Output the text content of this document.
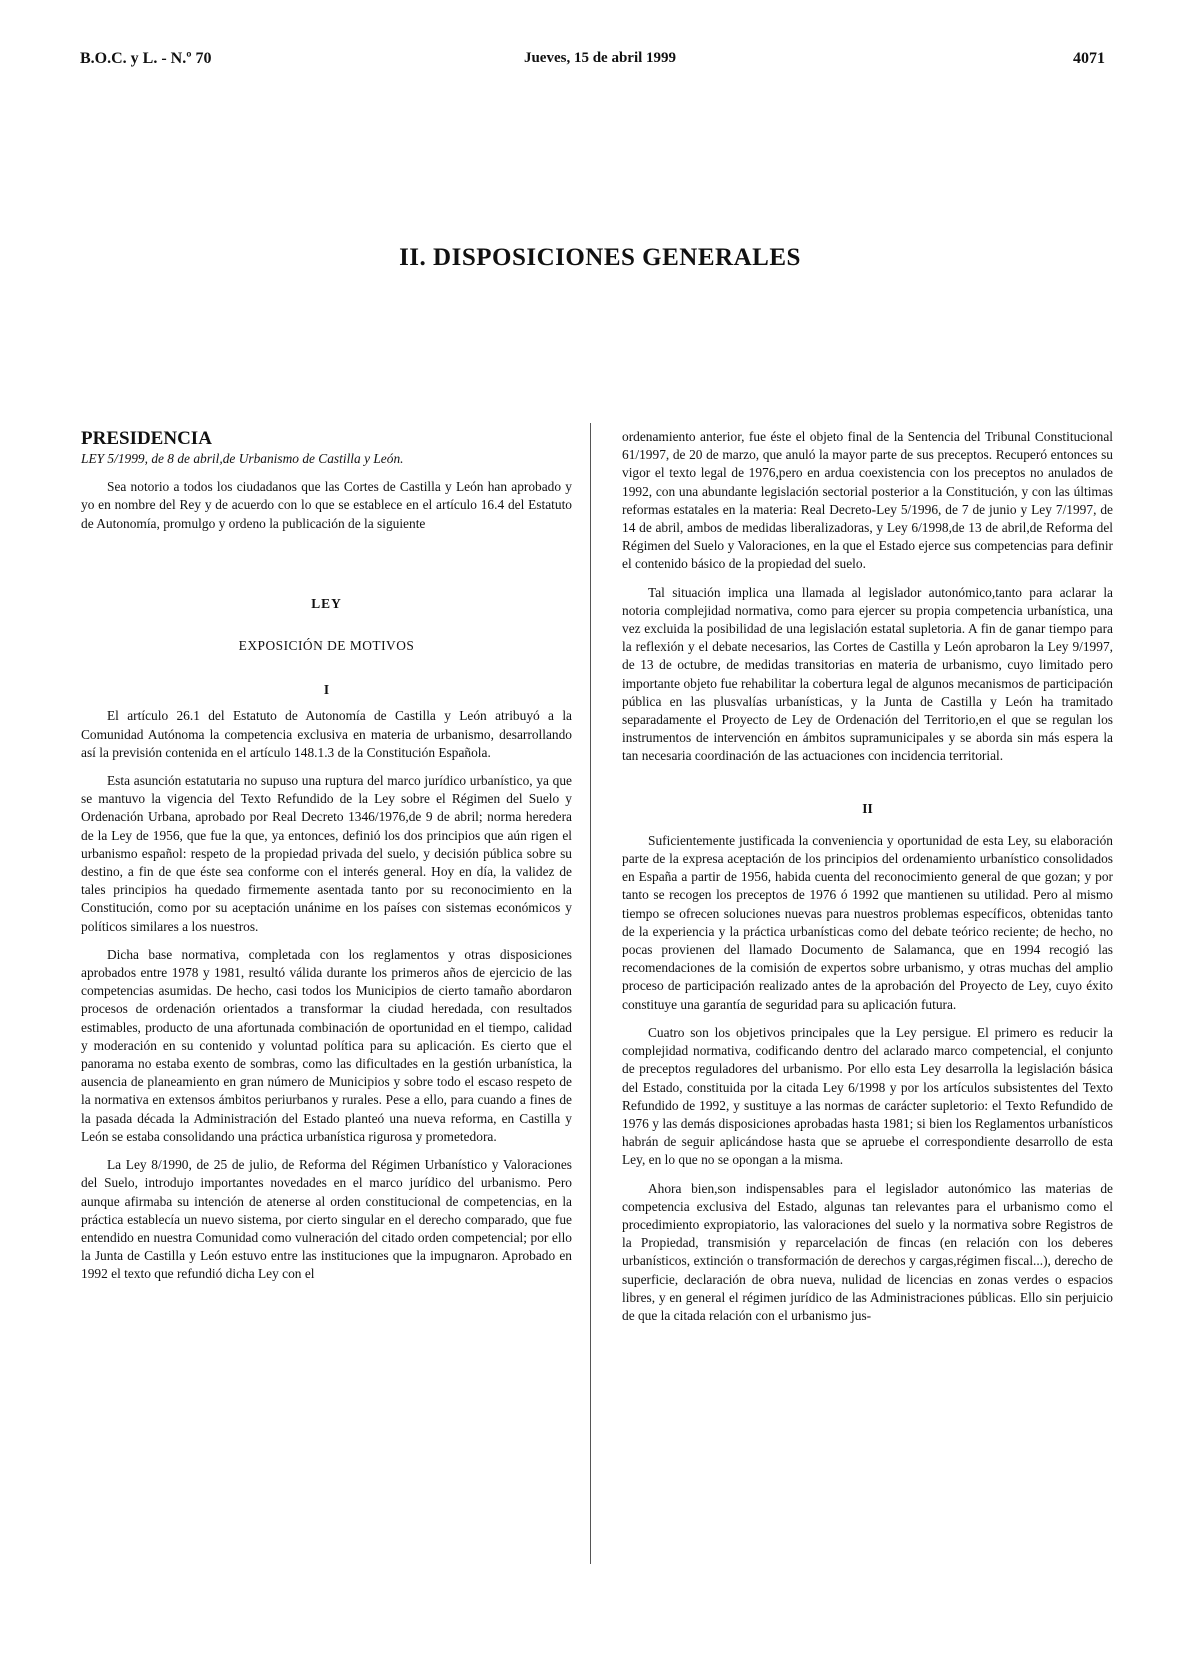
B.O.C. y L. - N.º 70	Jueves, 15 de abril 1999	4071
II. DISPOSICIONES GENERALES
PRESIDENCIA

LEY 5/1999, de 8 de abril,de Urbanismo de Castilla y León.

Sea notorio a todos los ciudadanos que las Cortes de Castilla y León han aprobado y yo en nombre del Rey y de acuerdo con lo que se establece en el artículo 16.4 del Estatuto de Autonomía, promulgo y ordeno la publicación de la siguiente

LEY

EXPOSICIÓN DE MOTIVOS

I

El artículo 26.1 del Estatuto de Autonomía de Castilla y León atribuyó a la Comunidad Autónoma la competencia exclusiva en materia de urbanismo, desarrollando así la previsión contenida en el artículo 148.1.3 de la Constitución Española.

Esta asunción estatutaria no supuso una ruptura del marco jurídico urbanístico, ya que se mantuvo la vigencia del Texto Refundido de la Ley sobre el Régimen del Suelo y Ordenación Urbana, aprobado por Real Decreto 1346/1976,de 9 de abril; norma heredera de la Ley de 1956, que fue la que, ya entonces, definió los dos principios que aún rigen el urbanismo español: respeto de la propiedad privada del suelo, y decisión pública sobre su destino, a fin de que éste sea conforme con el interés general. Hoy en día, la validez de tales principios ha quedado firmemente asentada tanto por su reconocimiento en la Constitución, como por su aceptación unánime en los países con sistemas económicos y políticos similares a los nuestros.

Dicha base normativa, completada con los reglamentos y otras disposiciones aprobados entre 1978 y 1981, resultó válida durante los primeros años de ejercicio de las competencias asumidas. De hecho, casi todos los Municipios de cierto tamaño abordaron procesos de ordenación orientados a transformar la ciudad heredada, con resultados estimables, producto de una afortunada combinación de oportunidad en el tiempo, calidad y moderación en su contenido y voluntad política para su aplicación. Es cierto que el panorama no estaba exento de sombras, como las dificultades en la gestión urbanística, la ausencia de planeamiento en gran número de Municipios y sobre todo el escaso respeto de la normativa en extensos ámbitos periurbanos y rurales. Pese a ello, para cuando a fines de la pasada década la Administración del Estado planteó una nueva reforma, en Castilla y León se estaba consolidando una práctica urbanística rigurosa y prometedora.

La Ley 8/1990, de 25 de julio, de Reforma del Régimen Urbanístico y Valoraciones del Suelo, introdujo importantes novedades en el marco jurídico del urbanismo. Pero aunque afirmaba su intención de atenerse al orden constitucional de competencias, en la práctica establecía un nuevo sistema, por cierto singular en el derecho comparado, que fue entendido en nuestra Comunidad como vulneración del citado orden competencial; por ello la Junta de Castilla y León estuvo entre las instituciones que la impugnaron. Aprobado en 1992 el texto que refundió dicha Ley con el

ordenamiento anterior, fue éste el objeto final de la Sentencia del Tribunal Constitucional 61/1997, de 20 de marzo, que anuló la mayor parte de sus preceptos. Recuperó entonces su vigor el texto legal de 1976,pero en ardua coexistencia con los preceptos no anulados de 1992, con una abundante legislación sectorial posterior a la Constitución, y con las últimas reformas estatales en la materia: Real Decreto-Ley 5/1996, de 7 de junio y Ley 7/1997, de 14 de abril, ambos de medidas liberalizadoras, y Ley 6/1998,de 13 de abril,de Reforma del Régimen del Suelo y Valoraciones, en la que el Estado ejerce sus competencias para definir el contenido básico de la propiedad del suelo.

Tal situación implica una llamada al legislador autonómico,tanto para aclarar la notoria complejidad normativa, como para ejercer su propia competencia urbanística, una vez excluida la posibilidad de una legislación estatal supletoria. A fin de ganar tiempo para la reflexión y el debate necesarios, las Cortes de Castilla y León aprobaron la Ley 9/1997, de 13 de octubre, de medidas transitorias en materia de urbanismo, cuyo limitado pero importante objeto fue rehabilitar la cobertura legal de algunos mecanismos de participación pública en las plusvalías urbanísticas, y la Junta de Castilla y León ha tramitado separadamente el Proyecto de Ley de Ordenación del Territorio,en el que se regulan los instrumentos de intervención en ámbitos supramunicipales y se aborda sin más espera la tan necesaria coordinación de las actuaciones con incidencia territorial.

II

Suficientemente justificada la conveniencia y oportunidad de esta Ley, su elaboración parte de la expresa aceptación de los principios del ordenamiento urbanístico consolidados en España a partir de 1956, habida cuenta del reconocimiento general de que gozan; y por tanto se recogen los preceptos de 1976 ó 1992 que mantienen su utilidad. Pero al mismo tiempo se ofrecen soluciones nuevas para nuestros problemas específicos, obtenidas tanto de la experiencia y la práctica urbanísticas como del debate teórico reciente; de hecho, no pocas provienen del llamado Documento de Salamanca, que en 1994 recogió las recomendaciones de la comisión de expertos sobre urbanismo, y otras muchas del amplio proceso de participación realizado antes de la aprobación del Proyecto de Ley, cuyo éxito constituye una garantía de seguridad para su aplicación futura.

Cuatro son los objetivos principales que la Ley persigue. El primero es reducir la complejidad normativa, codificando dentro del aclarado marco competencial, el conjunto de preceptos reguladores del urbanismo. Por ello esta Ley desarrolla la legislación básica del Estado, constituida por la citada Ley 6/1998 y por los artículos subsistentes del Texto Refundido de 1992, y sustituye a las normas de carácter supletorio: el Texto Refundido de 1976 y las demás disposiciones aprobadas hasta 1981; si bien los Reglamentos urbanísticos habrán de seguir aplicándose hasta que se apruebe el correspondiente desarrollo de esta Ley, en lo que no se opongan a la misma.

Ahora bien,son indispensables para el legislador autonómico las materias de competencia exclusiva del Estado, algunas tan relevantes para el urbanismo como el procedimiento expropiatorio, las valoraciones del suelo y la normativa sobre Registros de la Propiedad, transmisión y reparcelación de fincas (en relación con los deberes urbanísticos, extinción o transformación de derechos y cargas,régimen fiscal...), derecho de superficie, declaración de obra nueva, nulidad de licencias en zonas verdes o espacios libres, y en general el régimen jurídico de las Administraciones públicas. Ello sin perjuicio de que la citada relación con el urbanismo jus-
